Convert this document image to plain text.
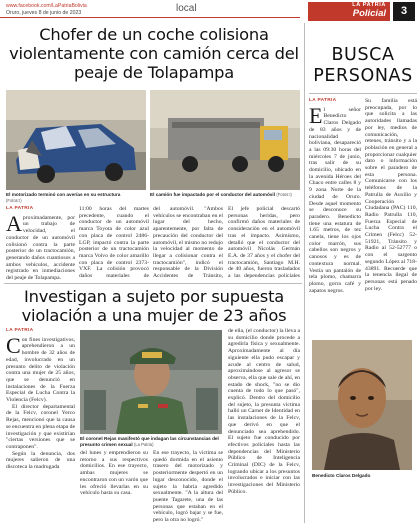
www.facebook.com/LaPatriaBolivia
Oruro, jueves 8 de junio de 2023	local	LA PATRIA
Policial	3
Chofer de un coche colisiona violentamente con camión cerca del peaje de Tolapampa
El motorizado terminó con averías en su estructura
(Fotos:I)
El camión fue impactado por el conductor del automóvil (Fotos:I)
LA PATRIA
A proximadamente, por un trabajo de velocidad, el conductor de un automóvil colisionó contra la parte posterior de un tractocamión, generando daños cuantiosos a ambos vehículos, accidente registrado en inmediaciones del peaje de Tolapampa.

11:00 horas del martes precedente, cuando el conductor de un automóvil marca Toyota de color azul con placa de control 2486-LGP, impactó contra la parte posterior de un tractocamión marca Volvo de color amarillo con placa de control 2373-VXF. La colisión provocó daños materiales de

del automóvil. "Ambos vehículos se encontraban en el lugar del hecho, aparentemente, por falta de precaución del conductor del automóvil, el mismo no redujo la velocidad al momento de llegar a colisionar contra el tractocamión", indicó el responsable de la División Accidentes de Tránsito,

El jefe policial descartó personas heridas, pero confirmó daños materiales de consideración en el automóvil tras el impacto. Asimismo, detalló que el conductor del automóvil Nicolás Germán E.A. de 37 años y el chofer del tractocamión, Santiago M.H. de 40 años, fueron trasladados a las dependencias policiales

Investigan a sujeto por supuesta violación a una mujer de 23 años
LA PATRIA
C on fines investigativos, aprehendieron a un hombre de 32 años de edad, involucrado en un presunto delito de violación contra una mujer de 25 años, que se denunció en instalaciones de la Fuerza Especial de Lucha Contra la Violencia (Felcv).

El director departamental de la Felcv, coronel Yerco Rejas, mencionó que la causa se encuentra en plena etapa de investigación y que existirían "ciertas versiones que se contraponen".

Según la denuncia, dos mujeres salieron de una discoteca la madrugada

El coronel Rejas manifestó que indagan las circunstancias del presunto crimen sexual (La Patria)

del lunes y emprendieron su retorno a sus respectivos domicilios. En ese trayecto, ambas mujeres se encontraron con un varón que les ofreció llevarlas en su vehículo hasta su casa.

En ese trayecto, la víctima se quedó dormida en el asiento trasero del motorizado y posteriormente despertó en un lugar desconocido, donde el sujeto la habría agredido sexualmente. "A la altura del puente Tagarete, una de las personas que estaban en el vehículo, logró bajar y se fue, pero la otra no logró."

de ella, (el conductor) la lleva a su domicilio donde procede a agredirla física y sexualmente. Aproximadamente al día siguiente ella pudo escapar y acude al centro de salud, aproximándose al agresor se observa, ella que sale de ahí, en estado de shock, "no se dio cuenta de todo lo que pasó", explicó. Dentro del domicilio del sujeto, la presunta víctima halló un Carnet de Identidad en las instalaciones de la Felcv, que derivó en que el denunciado sea aprehendido. El sujeto fue conducido por efectivos policiales hasta las dependencias del Ministerio Público de Inteligencia Criminal (DIC) de la Felcv, logrando ubicar a los presuntos involucrados e iniciar con las investigaciones del Ministerio Público.

BUSCA PERSONAS
LA PATRIA
E l señor Benedicto Claros Delgado de 83 años y de nacionalidad boliviana, desapareció a las 09:30 horas del miércoles 7 de junio, tras salir de su domicilio, ubicado en la avenida Héroes del Chaco entre calles 8 y 9 zona Norte de la ciudad de Oruro. Desde aquel momento se desconoce su paradero. Benedicto tiene una estatura de 1.65 metros, de tez canela, tiene los ojos color marrón, sus cabellos son negros y canosos y es de contextura normal. Vestía un pantalón de tela plomo, chamarra plomo, gorra café y zapatos negros.

Su familia está preocupada, por lo que solicita a las autoridades llamadas por ley, medios de comunicación, retenes, tránsito y a la población en general a proporcionar cualquier dato o información sobre el paradero de esta persona. Comunicarse con los teléfonos de la Patrulla de Auxilio y Cooperación Ciudadana (PAC) 110, Radio Patrulla 110, Fuerza Especial de Lucha Contra el Crimen (Felcc) 52-51921, Tránsito y Radio al 52-52777 o con el sargento segundo López al 718-43891. Recuerde que la tenencia ilegal de personas está penado por ley.

Benedicto Claros Delgado
